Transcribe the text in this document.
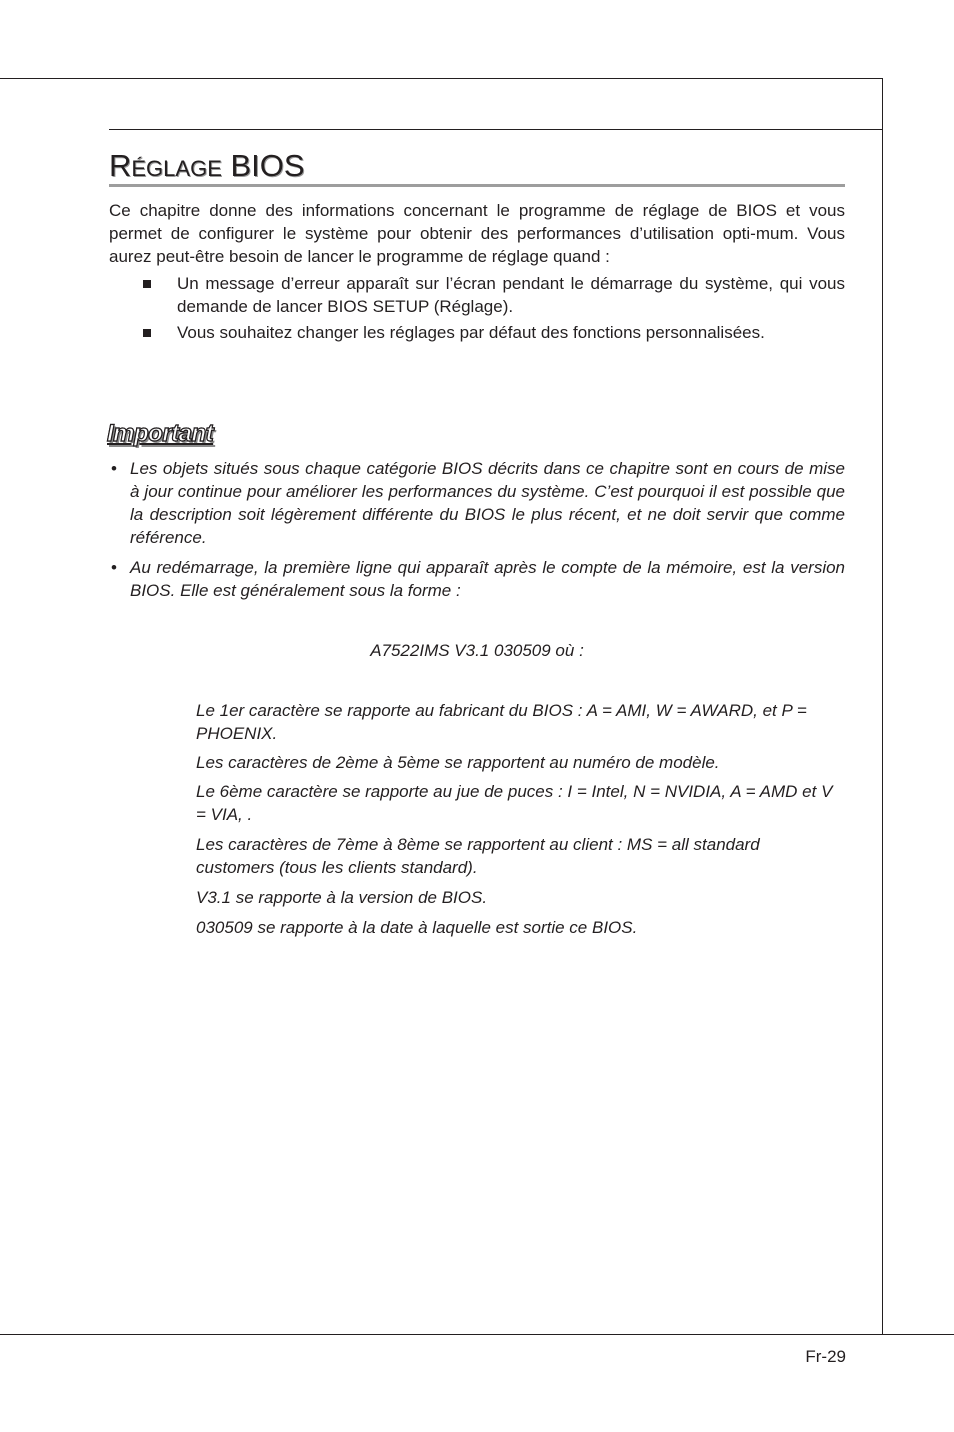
Réglage BIOS

Ce chapitre donne des informations concernant le programme de réglage de BIOS et vous permet de configurer le système pour obtenir des performances d’utilisation opti-mum. Vous aurez peut-être besoin de lancer le programme de réglage quand :

Un message d’erreur apparaît sur l’écran pendant le démarrage du système, qui vous demande de lancer BIOS SETUP (Réglage).
Vous souhaitez changer les réglages par défaut des fonctions personnalisées.
Important
• Les objets situés sous chaque catégorie BIOS décrits dans ce chapitre sont en cours de mise à jour continue pour améliorer les performances du système. C’est pourquoi il est possible que la description soit légèrement différente du BIOS le plus récent, et ne doit servir que comme référence.
• Au redémarrage, la première ligne qui apparaît après le compte de la mémoire, est la version BIOS. Elle est généralement sous la forme :

A7522IMS V3.1 030509 où :

Le 1er caractère se rapporte au fabricant du BIOS : A = AMI, W = AWARD, et P = PHOENIX.

Les caractères de 2ème à 5ème se rapportent au numéro de modèle.

Le 6ème caractère se rapporte au jue de puces : I = Intel, N = NVIDIA, A = AMD et V = VIA, .

Les caractères de 7ème à 8ème se rapportent au client : MS = all standard customers (tous les clients standard).

V3.1 se rapporte à la version de BIOS.

030509 se rapporte à la date à laquelle est sortie ce BIOS.

Fr-29
